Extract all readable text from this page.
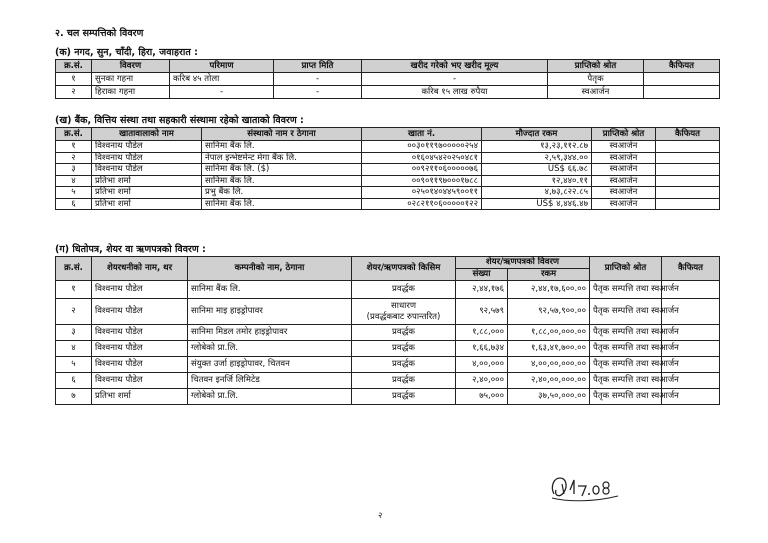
२. चल सम्पत्तिको विवरण
(क) नगद, सुन, चाँदी, हिरा, जवाहरात :
क्र.सं.	विवरण	परिमाण	प्राप्त मिति	खरीद गरेको भए खरीद मूल्य	प्राप्तिको श्रोत	कैफियत
१	सुनका गहना	करिब ४५ तोला	-	-	पैतृक	
२	हिराका गहना	-	-	करिब १५ लाख रुपैया	स्वआर्जन	
(ख) बैंक, वित्तिय संस्था तथा सहकारी संस्थामा रहेको खाताको विवरण :
क्र.सं.	खातावालाको नाम	संस्थाको नाम र ठेगाना	खाता नं.	मौज्दात रकम	प्राप्तिको श्रोत	कैफियत
१	विश्वनाथ पौडेल	सानिमा बैंक लि.	००३०११९७०००००२५४	१३,२३,११२.८७	स्वआर्जन	
२	विश्वनाथ पौडेल	नेपाल इन्भेष्टमेन्ट मेगा बैंक लि.	०१६०४५४२०२५०४८१	२,५९,३४४.००	स्वआर्जन	
३	विश्वनाथ पौडेल	सानिमा बैंक लि. ($)	००९२११०६०००००७६	US$ ६६.७८	स्वआर्जन	
४	प्रतिभा शर्मा	सानिमा बैंक लि.	००९०११९७०००१७८८	१२,४४०.११	स्वआर्जन	
५	प्रतिभा शर्मा	प्रभु बैंक लि.	०२५०१४०४४५९००११	४,७३,८२२.८५	स्वआर्जन	
६	प्रतिभा शर्मा	सानिमा बैंक लि.	०२८२११०६०००००१२२	US$ ४,४४६.४७	स्वआर्जन	
(ग) धितोपत्र, शेयर वा ऋणपत्रको विवरण :
क्र.सं.	शेयरधनीको नाम, थर	कम्पनीको नाम, ठेगाना	शेयर/ऋणपत्रको किसिम	शेयर/ऋणपत्रको विवरण		प्राप्तिको श्रोत	कैफियत
				संख्या	रकम		
१	विश्वनाथ पौडेल	सानिमा बैंक लि.	प्रवर्द्धक	२,४४,१७६	२,४४,१७,६००.००	पैतृक सम्पत्ति तथा स्वआर्जन	
२	विश्वनाथ पौडेल	सानिमा माइ हाइड्रोपावर	साधारण
(प्रवर्द्धकबाट रुपान्तरित)	९२,५७९	९२,५७,९००.००	पैतृक सम्पत्ति तथा स्वआर्जन	
३	विश्वनाथ पौडेल	सानिमा मिडल तमोर हाइड्रोपावर	प्रवर्द्धक	१,८८,०००	१,८८,००,०००.००	पैतृक सम्पत्ति तथा स्वआर्जन	
४	विश्वनाथ पौडेल	ग्लोबेको प्रा.लि.	प्रवर्द्धक	१,६६,७३४	१,६३,४१,७००.००	पैतृक सम्पत्ति तथा स्वआर्जन	
५	विश्वनाथ पौडेल	संयुक्त उर्जा हाइड्रोपावर, चितवन	प्रवर्द्धक	४,००,०००	४,००,००,०००.००	पैतृक सम्पत्ति तथा स्वआर्जन	
६	विश्वनाथ पौडेल	चितवन इनर्जि लिमिटेड	प्रवर्द्धक	२,४०,०००	२,४०,००,०००.००	पैतृक सम्पत्ति तथा स्वआर्जन	
७	प्रतिभा शर्मा	ग्लोबेको प्रा.लि.	प्रवर्द्धक	७५,०००	३७,५०,०००.००	पैतृक सम्पत्ति तथा स्वआर्जन	
२
